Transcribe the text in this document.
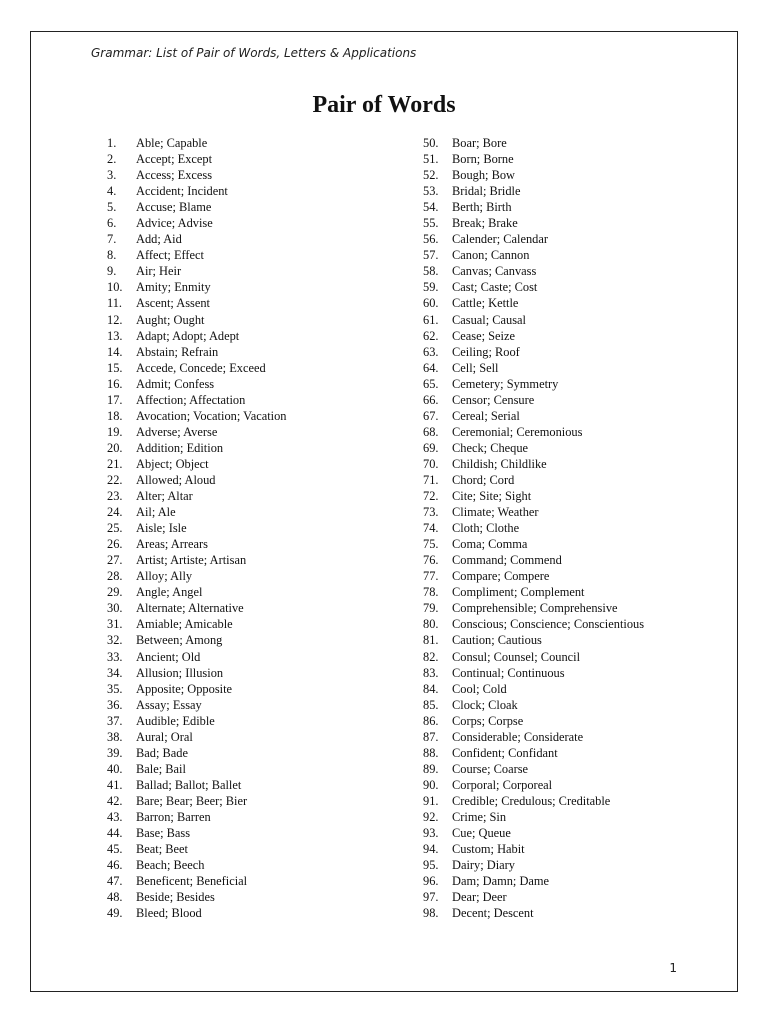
Grammar: List of Pair of Words, Letters & Applications
Pair of Words
1. Able; Capable
2. Accept; Except
3. Access; Excess
4. Accident; Incident
5. Accuse; Blame
6. Advice; Advise
7. Add; Aid
8. Affect; Effect
9. Air; Heir
10. Amity; Enmity
11. Ascent; Assent
12. Aught; Ought
13. Adapt; Adopt; Adept
14. Abstain; Refrain
15. Accede, Concede; Exceed
16. Admit; Confess
17. Affection; Affectation
18. Avocation; Vocation; Vacation
19. Adverse; Averse
20. Addition; Edition
21. Abject; Object
22. Allowed; Aloud
23. Alter; Altar
24. Ail; Ale
25. Aisle; Isle
26. Areas; Arrears
27. Artist; Artiste; Artisan
28. Alloy; Ally
29. Angle; Angel
30. Alternate; Alternative
31. Amiable; Amicable
32. Between; Among
33. Ancient; Old
34. Allusion; Illusion
35. Apposite; Opposite
36. Assay; Essay
37. Audible; Edible
38. Aural; Oral
39. Bad; Bade
40. Bale; Bail
41. Ballad; Ballot; Ballet
42. Bare; Bear; Beer; Bier
43. Barron; Barren
44. Base; Bass
45. Beat; Beet
46. Beach; Beech
47. Beneficent; Beneficial
48. Beside; Besides
49. Bleed; Blood
50. Boar; Bore
51. Born; Borne
52. Bough; Bow
53. Bridal; Bridle
54. Berth; Birth
55. Break; Brake
56. Calender; Calendar
57. Canon; Cannon
58. Canvas; Canvass
59. Cast; Caste; Cost
60. Cattle; Kettle
61. Casual; Causal
62. Cease; Seize
63. Ceiling; Roof
64. Cell; Sell
65. Cemetery; Symmetry
66. Censor; Censure
67. Cereal; Serial
68. Ceremonial; Ceremonious
69. Check; Cheque
70. Childish; Childlike
71. Chord; Cord
72. Cite; Site; Sight
73. Climate; Weather
74. Cloth; Clothe
75. Coma; Comma
76. Command; Commend
77. Compare; Compere
78. Compliment; Complement
79. Comprehensible; Comprehensive
80. Conscious; Conscience; Conscientious
81. Caution; Cautious
82. Consul; Counsel; Council
83. Continual; Continuous
84. Cool; Cold
85. Clock; Cloak
86. Corps; Corpse
87. Considerable; Considerate
88. Confident; Confidant
89. Course; Coarse
90. Corporal; Corporeal
91. Credible; Credulous; Creditable
92. Crime; Sin
93. Cue; Queue
94. Custom; Habit
95. Dairy; Diary
96. Dam; Damn; Dame
97. Dear; Deer
98. Decent; Descent
1
